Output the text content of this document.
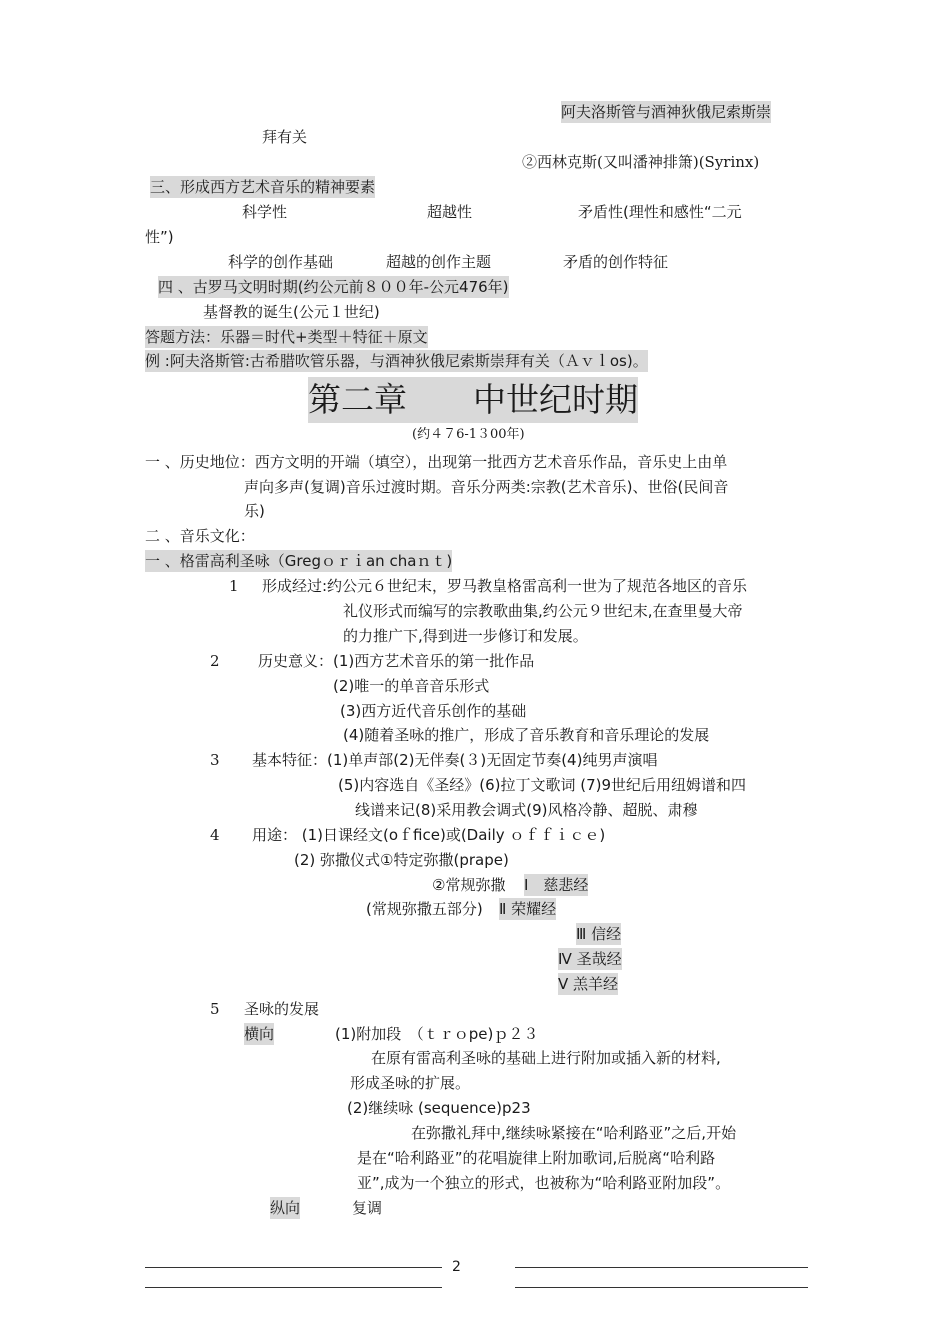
阿夫洛斯管与酒神狄俄尼索斯崇
拜有关
②西林克斯(又叫潘神排箫)(Syrinx)
三、形成西方艺术音乐的精神要素
科学性	超越性	矛盾性(理性和感性“二元
性”)
科学的创作基础	超越的创作主题	矛盾的创作特征
四 、古罗马文明时期(约公元前８００年-公元476年)
基督教的诞生(公元１世纪)
答题方法：乐器＝时代+类型＋特征＋原文
例 :阿夫洛斯管:古希腊吹管乐器，与酒神狄俄尼索斯崇拜有关（Ａｖｌos)。
第二章　　中世纪时期
(约４７6-1３00年)
一 、历史地位：西方文明的开端（填空），出现第一批西方艺术音乐作品，音乐史上由单
声向多声(复调)音乐过渡时期。音乐分两类:宗教(艺术音乐)、世俗(民间音
乐)
二 、音乐文化：
一 、格雷高利圣咏（Gregｏｒｉan chaｎｔ)
1 形成经过:约公元６世纪末，罗马教皇格雷高利一世为了规范各地区的音乐
礼仪形式而编写的宗教歌曲集,约公元９世纪末,在查里曼大帝
的力推广下,得到进一步修订和发展。
2	历史意义：(1)西方艺术音乐的第一批作品
(2)唯一的单音音乐形式
(3)西方近代音乐创作的基础
(4)随着圣咏的推广，形成了音乐教育和音乐理论的发展
3 基本特征：(1)单声部(2)无伴奏(３)无固定节奏(4)纯男声演唱
(5)内容选自《圣经》(6)拉丁文歌词 (7)9世纪后用纽姆谱和四
线谱来记(8)采用教会调式(9)风格冷静、超脱、肃穆
4 用途： (1)日课经文(oｆfice)或(Daily ｏｆｆｉｃｅ)
(2) 弥撒仪式①特定弥撒(prape)
②常规弥撒 Ⅰ　慈悲经
(常规弥撒五部分) Ⅱ 荣耀经
Ⅲ 信经
Ⅳ 圣哉经
Ⅴ 羔羊经
5 圣咏的发展
横向	(1)附加段　（ｔｒｏpe)ｐ２３
在原有雷高利圣咏的基础上进行附加或插入新的材料,
形成圣咏的扩展。
(2)继续咏 (sequence)p23
在弥撒礼拜中,继续咏紧接在“哈利路亚”之后,开始
是在“哈利路亚”的花唱旋律上附加歌词,后脱离“哈利路
亚”,成为一个独立的形式，也被称为“哈利路亚附加段”。
纵向	复调
2
